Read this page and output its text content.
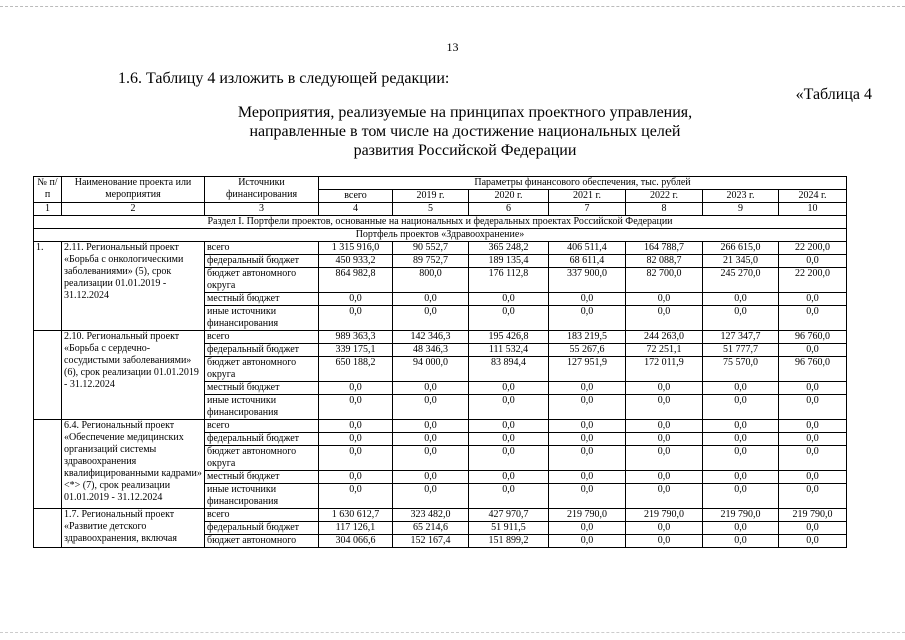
13
1.6. Таблицу 4 изложить в следующей редакции:
«Таблица 4
Мероприятия, реализуемые на принципах проектного управления,
направленные в том числе на достижение национальных целей
развития Российской Федерации
№ п/п	Наименование проекта или мероприятия	Источники финансирования	Параметры финансового обеспечения, тыс. рублей						
			всего	2019 г.	2020 г.	2021 г.	2022 г.	2023 г.	2024 г.
1	2	3	4	5	6	7	8	9	10
Раздел I. Портфели проектов, основанные на национальных и федеральных проектах Российской Федерации									
Портфель проектов «Здравоохранение»									
1.	2.11. Региональный проект «Борьба с онкологическими заболеваниями» (5), срок реализации 01.01.2019 - 31.12.2024	всего	1 315 916,0	90 552,7	365 248,2	406 511,4	164 788,7	266 615,0	22 200,0
		федеральный бюджет	450 933,2	89 752,7	189 135,4	68 611,4	82 088,7	21 345,0	0,0
		бюджет автономного округа	864 982,8	800,0	176 112,8	337 900,0	82 700,0	245 270,0	22 200,0
		местный бюджет	0,0	0,0	0,0	0,0	0,0	0,0	0,0
		иные источники финансирования	0,0	0,0	0,0	0,0	0,0	0,0	0,0
	2.10. Региональный проект «Борьба с сердечно-сосудистыми заболеваниями» (6), срок реализации 01.01.2019 - 31.12.2024	всего	989 363,3	142 346,3	195 426,8	183 219,5	244 263,0	127 347,7	96 760,0
		федеральный бюджет	339 175,1	48 346,3	111 532,4	55 267,6	72 251,1	51 777,7	0,0
		бюджет автономного округа	650 188,2	94 000,0	83 894,4	127 951,9	172 011,9	75 570,0	96 760,0
		местный бюджет	0,0	0,0	0,0	0,0	0,0	0,0	0,0
		иные источники финансирования	0,0	0,0	0,0	0,0	0,0	0,0	0,0
	6.4. Региональный проект «Обеспечение медицинских организаций системы здравоохранения квалифицированными кадрами» <*> (7), срок реализации 01.01.2019 - 31.12.2024	всего	0,0	0,0	0,0	0,0	0,0	0,0	0,0
		федеральный бюджет	0,0	0,0	0,0	0,0	0,0	0,0	0,0
		бюджет автономного округа	0,0	0,0	0,0	0,0	0,0	0,0	0,0
		местный бюджет	0,0	0,0	0,0	0,0	0,0	0,0	0,0
		иные источники финансирования	0,0	0,0	0,0	0,0	0,0	0,0	0,0
	1.7. Региональный проект «Развитие детского здравоохранения, включая	всего	1 630 612,7	323 482,0	427 970,7	219 790,0	219 790,0	219 790,0	219 790,0
		федеральный бюджет	117 126,1	65 214,6	51 911,5	0,0	0,0	0,0	0,0
		бюджет автономного	304 066,6	152 167,4	151 899,2	0,0	0,0	0,0	0,0
